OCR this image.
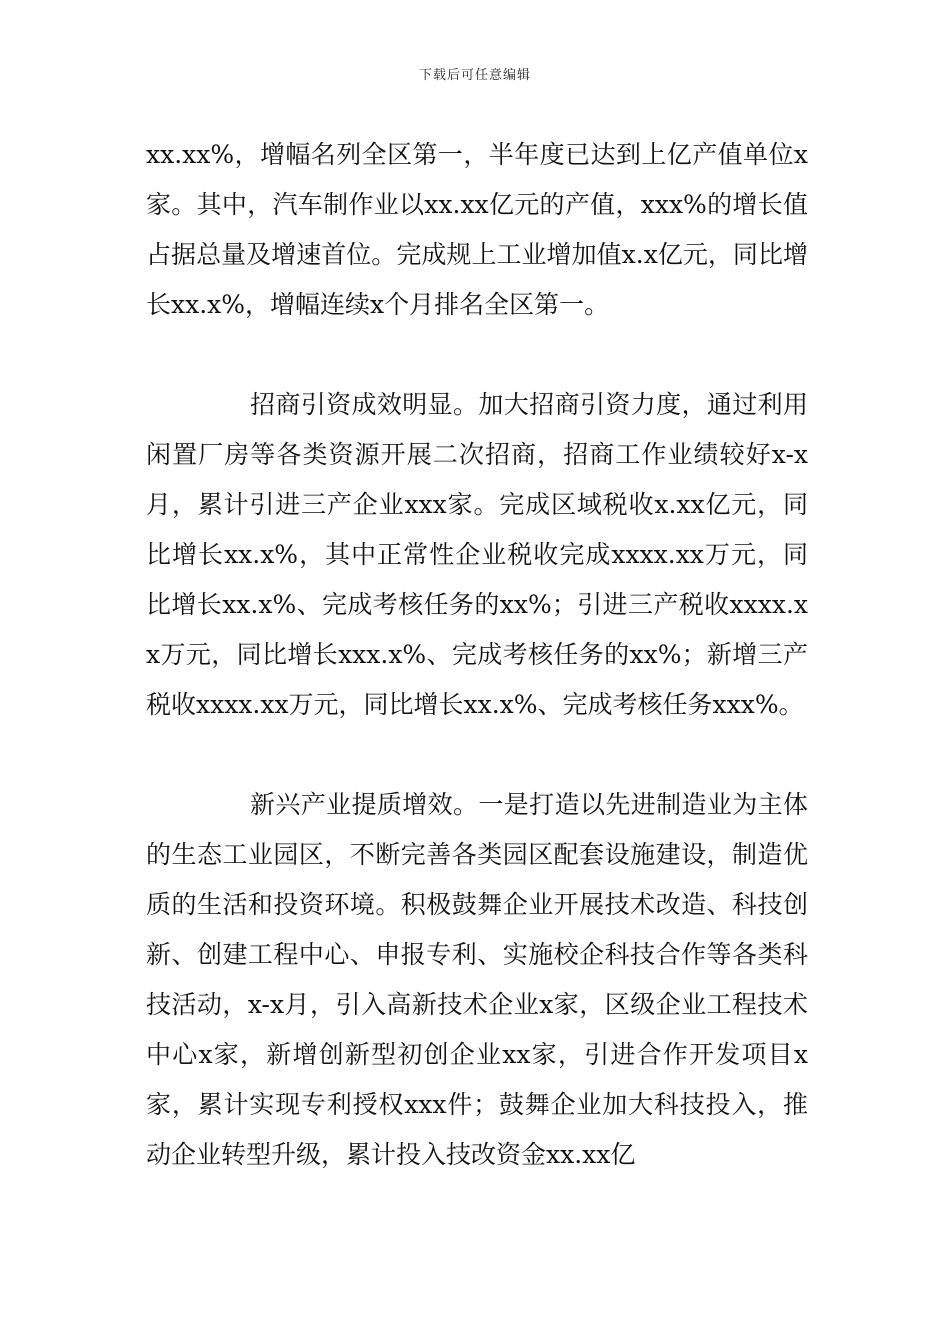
下载后可任意编辑

xx.xx%，增幅名列全区第一，半年度已达到上亿产值单位x家。其中，汽车制作业以xx.xx亿元的产值，xxx%的增长值占据总量及增速首位。完成规上工业增加值x.x亿元，同比增长xx.x%，增幅连续x个月排名全区第一。

招商引资成效明显。加大招商引资力度，通过利用闲置厂房等各类资源开展二次招商，招商工作业绩较好x-x月，累计引进三产企业xxx家。完成区域税收x.xx亿元，同比增长xx.x%，其中正常性企业税收完成xxxx.xx万元，同比增长xx.x%、完成考核任务的xx%；引进三产税收xxxx.xx万元，同比增长xxx.x%、完成考核任务的xx%；新增三产税收xxxx.xx万元，同比增长xx.x%、完成考核任务xxx%。

新兴产业提质增效。一是打造以先进制造业为主体的生态工业园区，不断完善各类园区配套设施建设，制造优质的生活和投资环境。积极鼓舞企业开展技术改造、科技创新、创建工程中心、申报专利、实施校企科技合作等各类科技活动，x-x月，引入高新技术企业x家，区级企业工程技术中心x家，新增创新型初创企业xx家，引进合作开发项目x家，累计实现专利授权xxx件；鼓舞企业加大科技投入，推动企业转型升级，累计投入技改资金xx.xx亿
